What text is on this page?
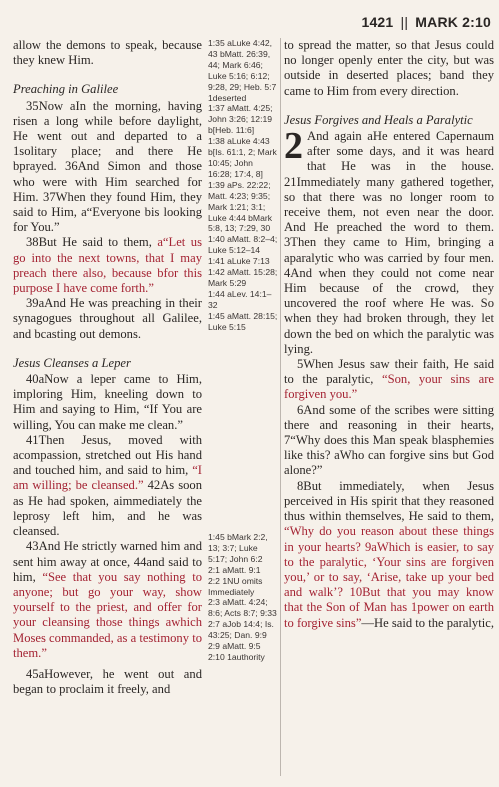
1421 || MARK 2:10

allow the demons to speak, because they knew Him.

Preaching in Galilee

35Now aIn the morning, having risen a long while before daylight, He went out and departed to a 1solitary place; and there He bprayed. 36And Simon and those who were with Him searched for Him. 37When they found Him, they said to Him, a“Everyone bis looking for You.”

38But He said to them, a“Let us go into the next towns, that I may preach there also, because bfor this purpose I have come forth.”

39aAnd He was preaching in their synagogues throughout all Galilee, and bcasting out demons.

Jesus Cleanses a Leper

40aNow a leper came to Him, imploring Him, kneeling down to Him and saying to Him, “If You are willing, You can make me clean.”

41Then Jesus, moved with acompassion, stretched out His hand and touched him, and said to him, “I am willing; be cleansed.” 42As soon as He had spoken, aimmediately the leprosy left him, and he was cleansed.

43And He strictly warned him and sent him away at once, 44and said to him, “See that you say nothing to anyone; but go your way, show yourself to the priest, and offer for your cleansing those things awhich Moses commanded, as a testimony to them.”

45aHowever, he went out and began to proclaim it freely, and

1:35 aLuke 4:42, 43 bMatt. 26:39, 44; Mark 6:46; Luke 5:16; 6:12; 9:28, 29; Heb. 5:7 1deserted

1:37 aMatt. 4:25; John 3:26; 12:19 b[Heb. 11:6]

1:38 aLuke 4:43 b[Is. 61:1, 2; Mark 10:45; John 16:28; 17:4, 8]

1:39 aPs. 22:22; Matt. 4:23; 9:35; Mark 1:21; 3:1; Luke 4:44 bMark 5:8, 13; 7:29, 30

1:40 aMatt. 8:2–4; Luke 5:12–14

1:41 aLuke 7:13

1:42 aMatt. 15:28; Mark 5:29

1:44 aLev. 14:1–32

1:45 aMatt. 28:15; Luke 5:15

1:45 bMark 2:2, 13; 3:7; Luke 5:17; John 6:2

2:1 aMatt. 9:1

2:2 1NU omits Immediately

2:3 aMatt. 4:24; 8:6; Acts 8:7; 9:33

2:7 aJob 14:4; Is. 43:25; Dan. 9:9

2:9 aMatt. 9:5

2:10 1authority

to spread the matter, so that Jesus could no longer openly enter the city, but was outside in deserted places; band they came to Him from every direction.

Jesus Forgives and Heals a Paralytic

2 And again aHe entered Capernaum after some days, and it was heard that He was in the house. 21Immediately many gathered together, so that there was no longer room to receive them, not even near the door. And He preached the word to them. 3Then they came to Him, bringing a aparalytic who was carried by four men. 4And when they could not come near Him because of the crowd, they uncovered the roof where He was. So when they had broken through, they let down the bed on which the paralytic was lying.

5When Jesus saw their faith, He said to the paralytic, “Son, your sins are forgiven you.”

6And some of the scribes were sitting there and reasoning in their hearts, 7“Why does this Man speak blasphemies like this? aWho can forgive sins but God alone?”

8But immediately, when Jesus perceived in His spirit that they reasoned thus within themselves, He said to them, “Why do you reason about these things in your hearts? 9aWhich is easier, to say to the paralytic, ‘Your sins are forgiven you,’ or to say, ‘Arise, take up your bed and walk’? 10But that you may know that the Son of Man has 1power on earth to forgive sins”—He said to the paralytic,
